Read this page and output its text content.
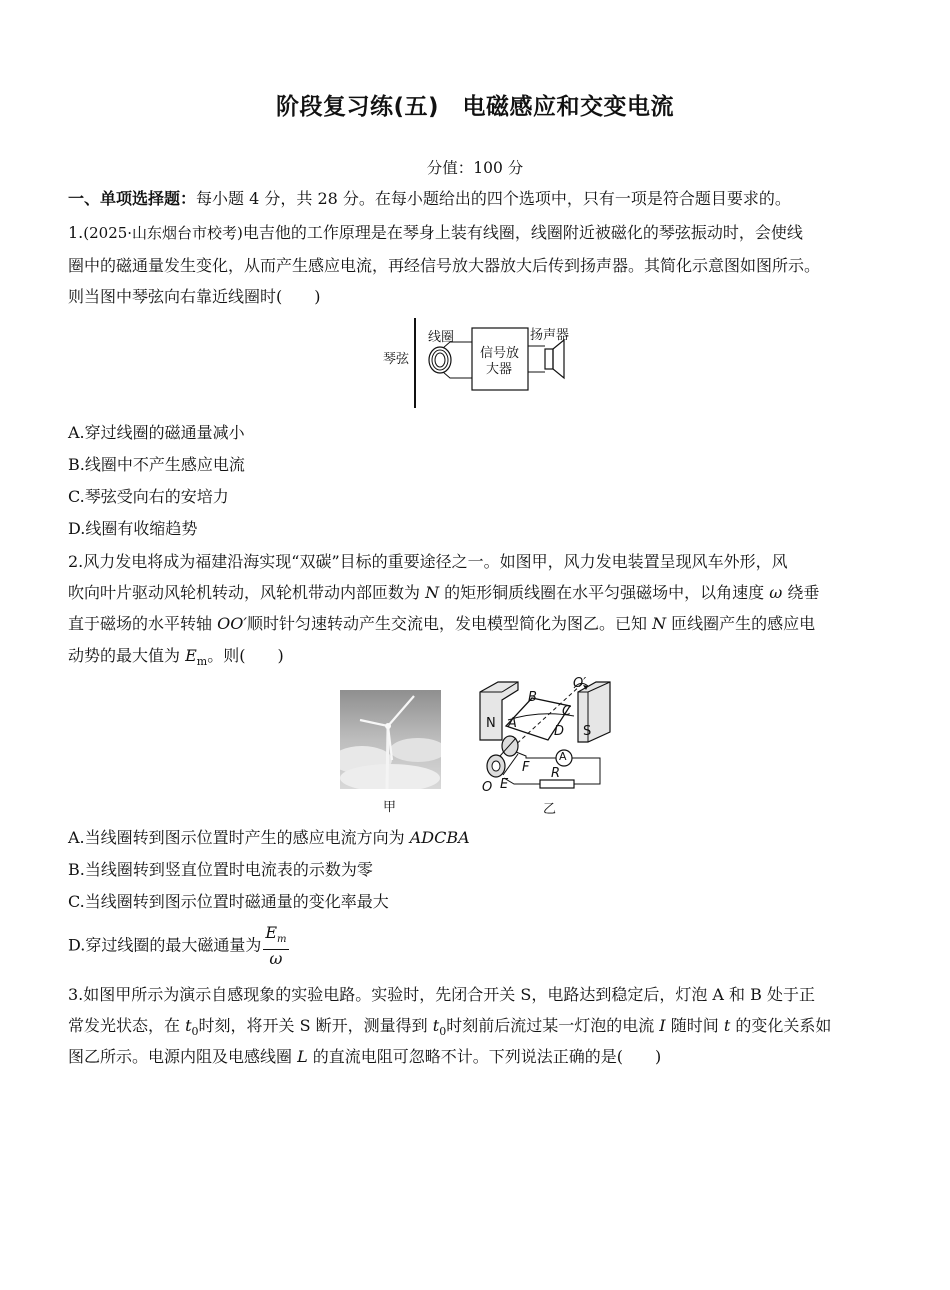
阶段复习练(五)　电磁感应和交变电流
分值：100 分
一、单项选择题：每小题 4 分，共 28 分。在每小题给出的四个选项中，只有一项是符合题目要求的。
1.(2025·山东烟台市校考)电吉他的工作原理是在琴身上装有线圈，线圈附近被磁化的琴弦振动时，会使线
圈中的磁通量发生变化，从而产生感应电流，再经信号放大器放大后传到扬声器。其简化示意图如图所示。
则当图中琴弦向右靠近线圈时(　　)
琴弦
线圈
信号放
大器
扬声器
A.穿过线圈的磁通量减小
B.线圈中不产生感应电流
C.琴弦受向右的安培力
D.线圈有收缩趋势
2.风力发电将成为福建沿海实现“双碳”目标的重要途径之一。如图甲，风力发电装置呈现风车外形，风
吹向叶片驱动风轮机转动，风轮机带动内部匝数为 N 的矩形铜质线圈在水平匀强磁场中，以角速度 ω 绕垂
直于磁场的水平转轴 OO′顺时针匀速转动产生交流电，发电模型简化为图乙。已知 N 匝线圈产生的感应电
动势的最大值为 $E_m$。则(　　)
甲
N
S
A
B
C
D
O′
F
E
O
R
A
乙
A.当线圈转到图示位置时产生的感应电流方向为 ADCBA
B.当线圈转到竖直位置时电流表的示数为零
C.当线圈转到图示位置时磁通量的变化率最大
D.穿过线圈的最大磁通量为 $\frac{E_m}{\omega}$
3.如图甲所示为演示自感现象的实验电路。实验时，先闭合开关 S，电路达到稳定后，灯泡 A 和 B 处于正
常发光状态，在 $t_0$时刻，将开关 S 断开，测量得到 $t_0$时刻前后流过某一灯泡的电流 I 随时间 t 的变化关系如
图乙所示。电源内阻及电感线圈 L 的直流电阻可忽略不计。下列说法正确的是(　　)
